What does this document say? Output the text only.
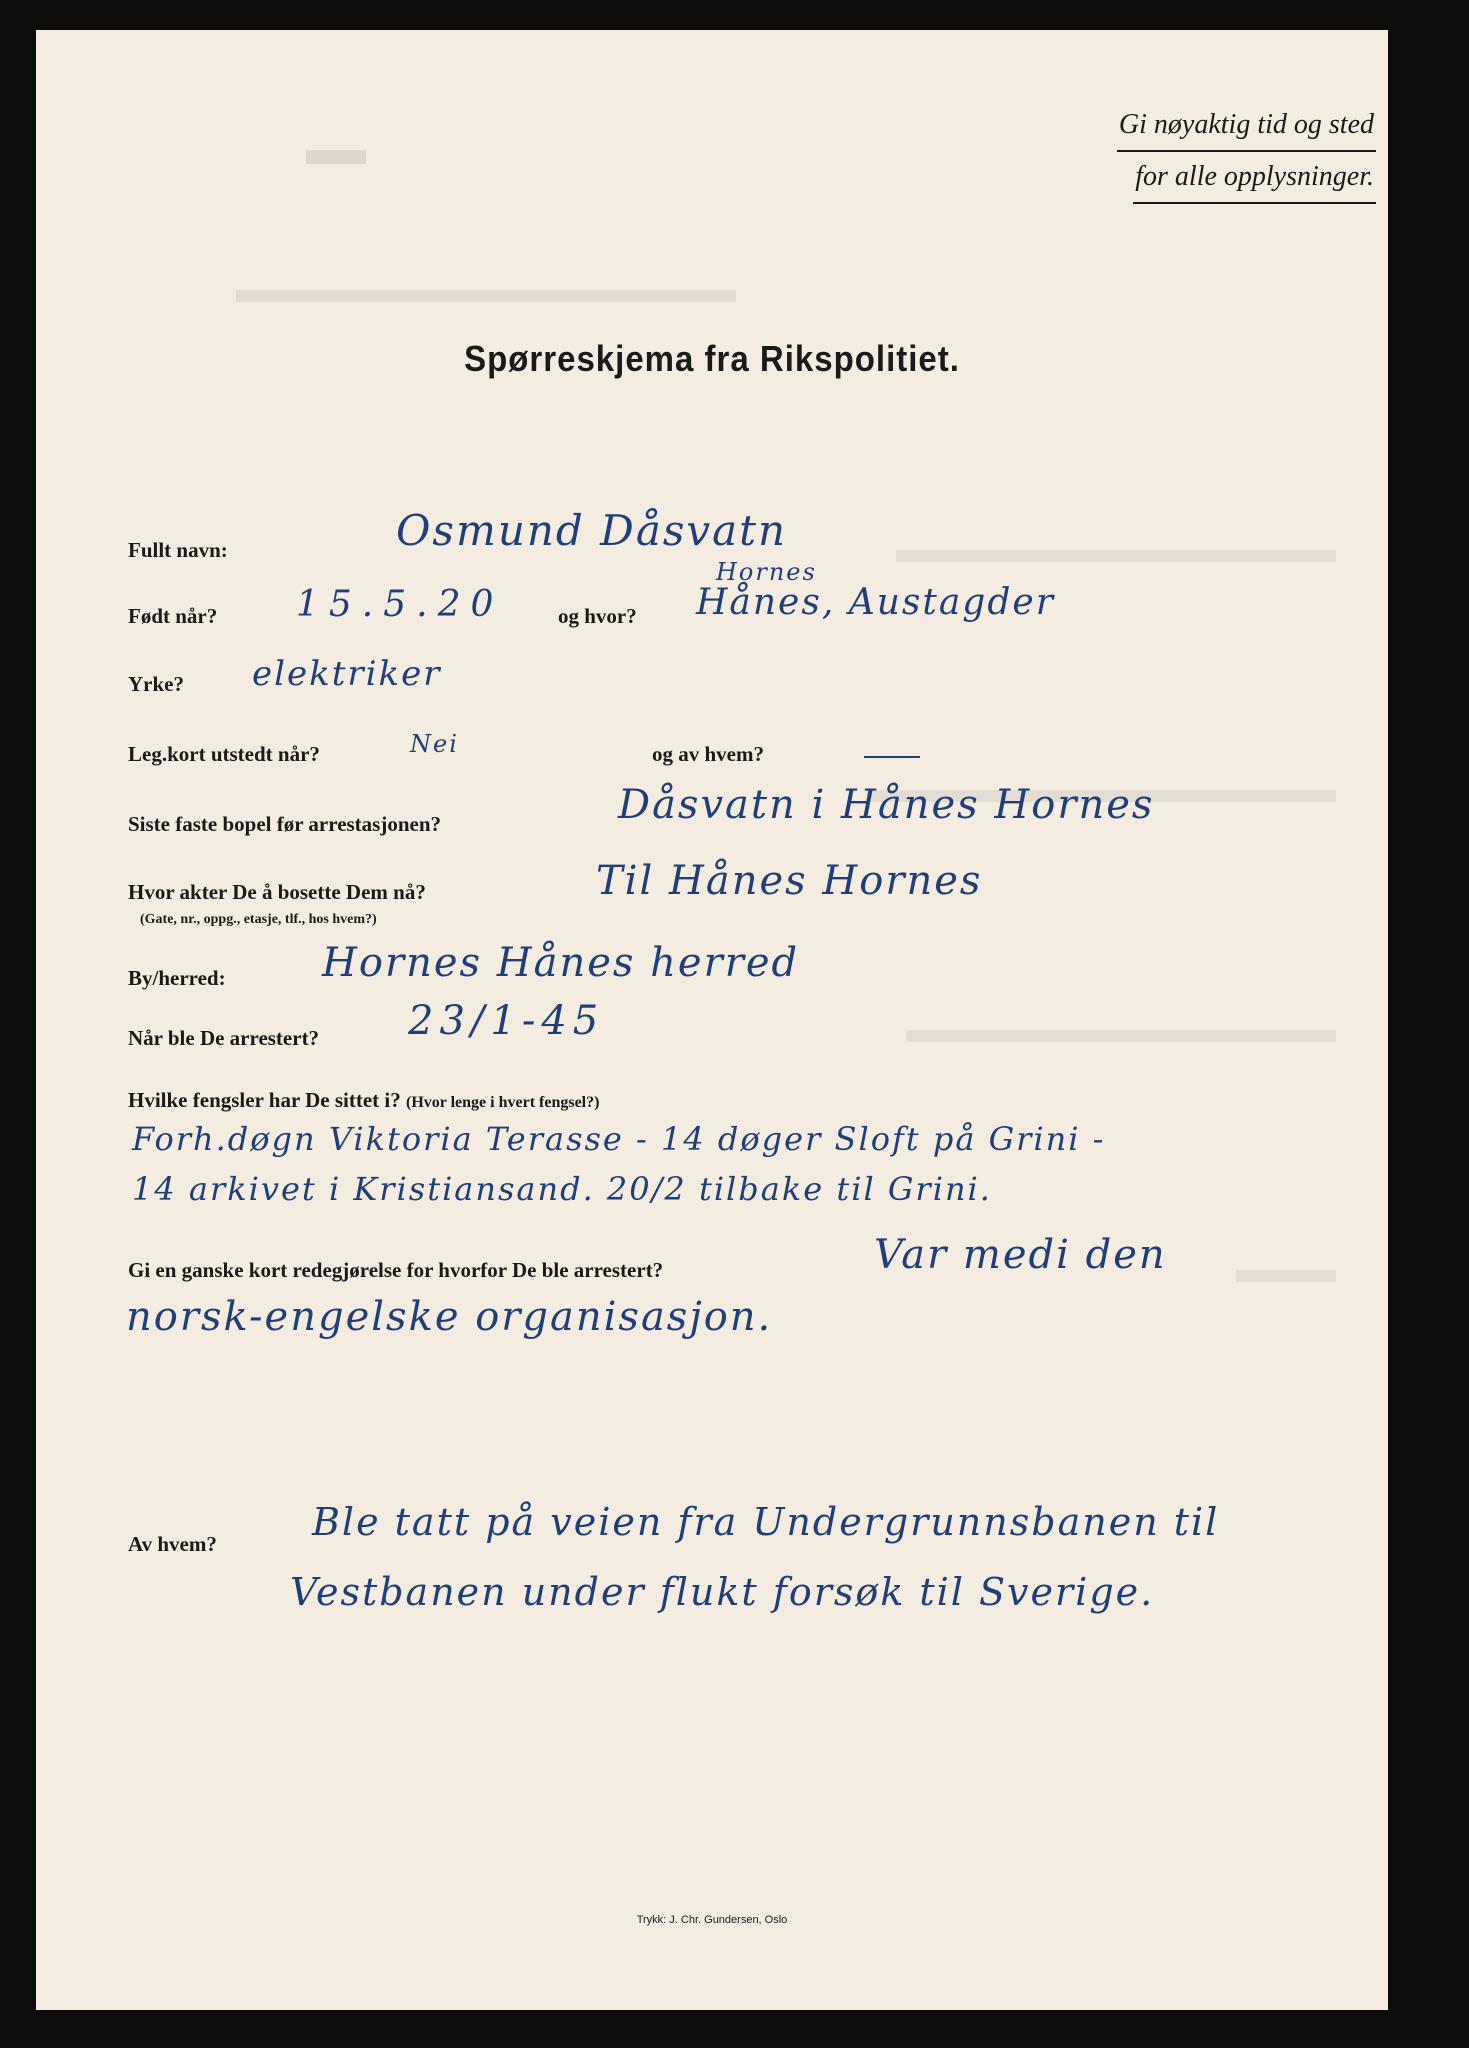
Gi nøyaktig tid og sted
for alle opplysninger.
Spørreskjema fra Rikspolitiet.
Fullt navn:	Osmund Dåsvatn
Født når? 15.5.20	og hvor?
Hornes
Hånes, Austagder
Yrke? elektriker
Leg.kort utstedt når?	Nei	og av hvem?
Siste faste bopel før arrestasjonen?	Dåsvatn i Hånes Hornes
Hvor akter De å bosette Dem nå?
(Gate, nr., oppg., etasje, tlf., hos hvem?)
Til Hånes Hornes
By/herred: Hornes Hånes herred
Når ble De arrestert? 23/1-45
Hvilke fengsler har De sittet i? (Hvor lenge i hvert fengsel?)
Forh.døgn Viktoria Terasse - 14 døger Sloft på Grini -
14 arkivet i Kristiansand. 20/2 tilbake til Grini.
Gi en ganske kort redegjørelse for hvorfor De ble arrestert?	Var medi den
norsk-engelske organisasjon.
Av hvem?	Ble tatt på veien fra Undergrunnsbanen til
Vestbanen under flukt forsøk til Sverige.
Trykk: J. Chr. Gundersen, Oslo
